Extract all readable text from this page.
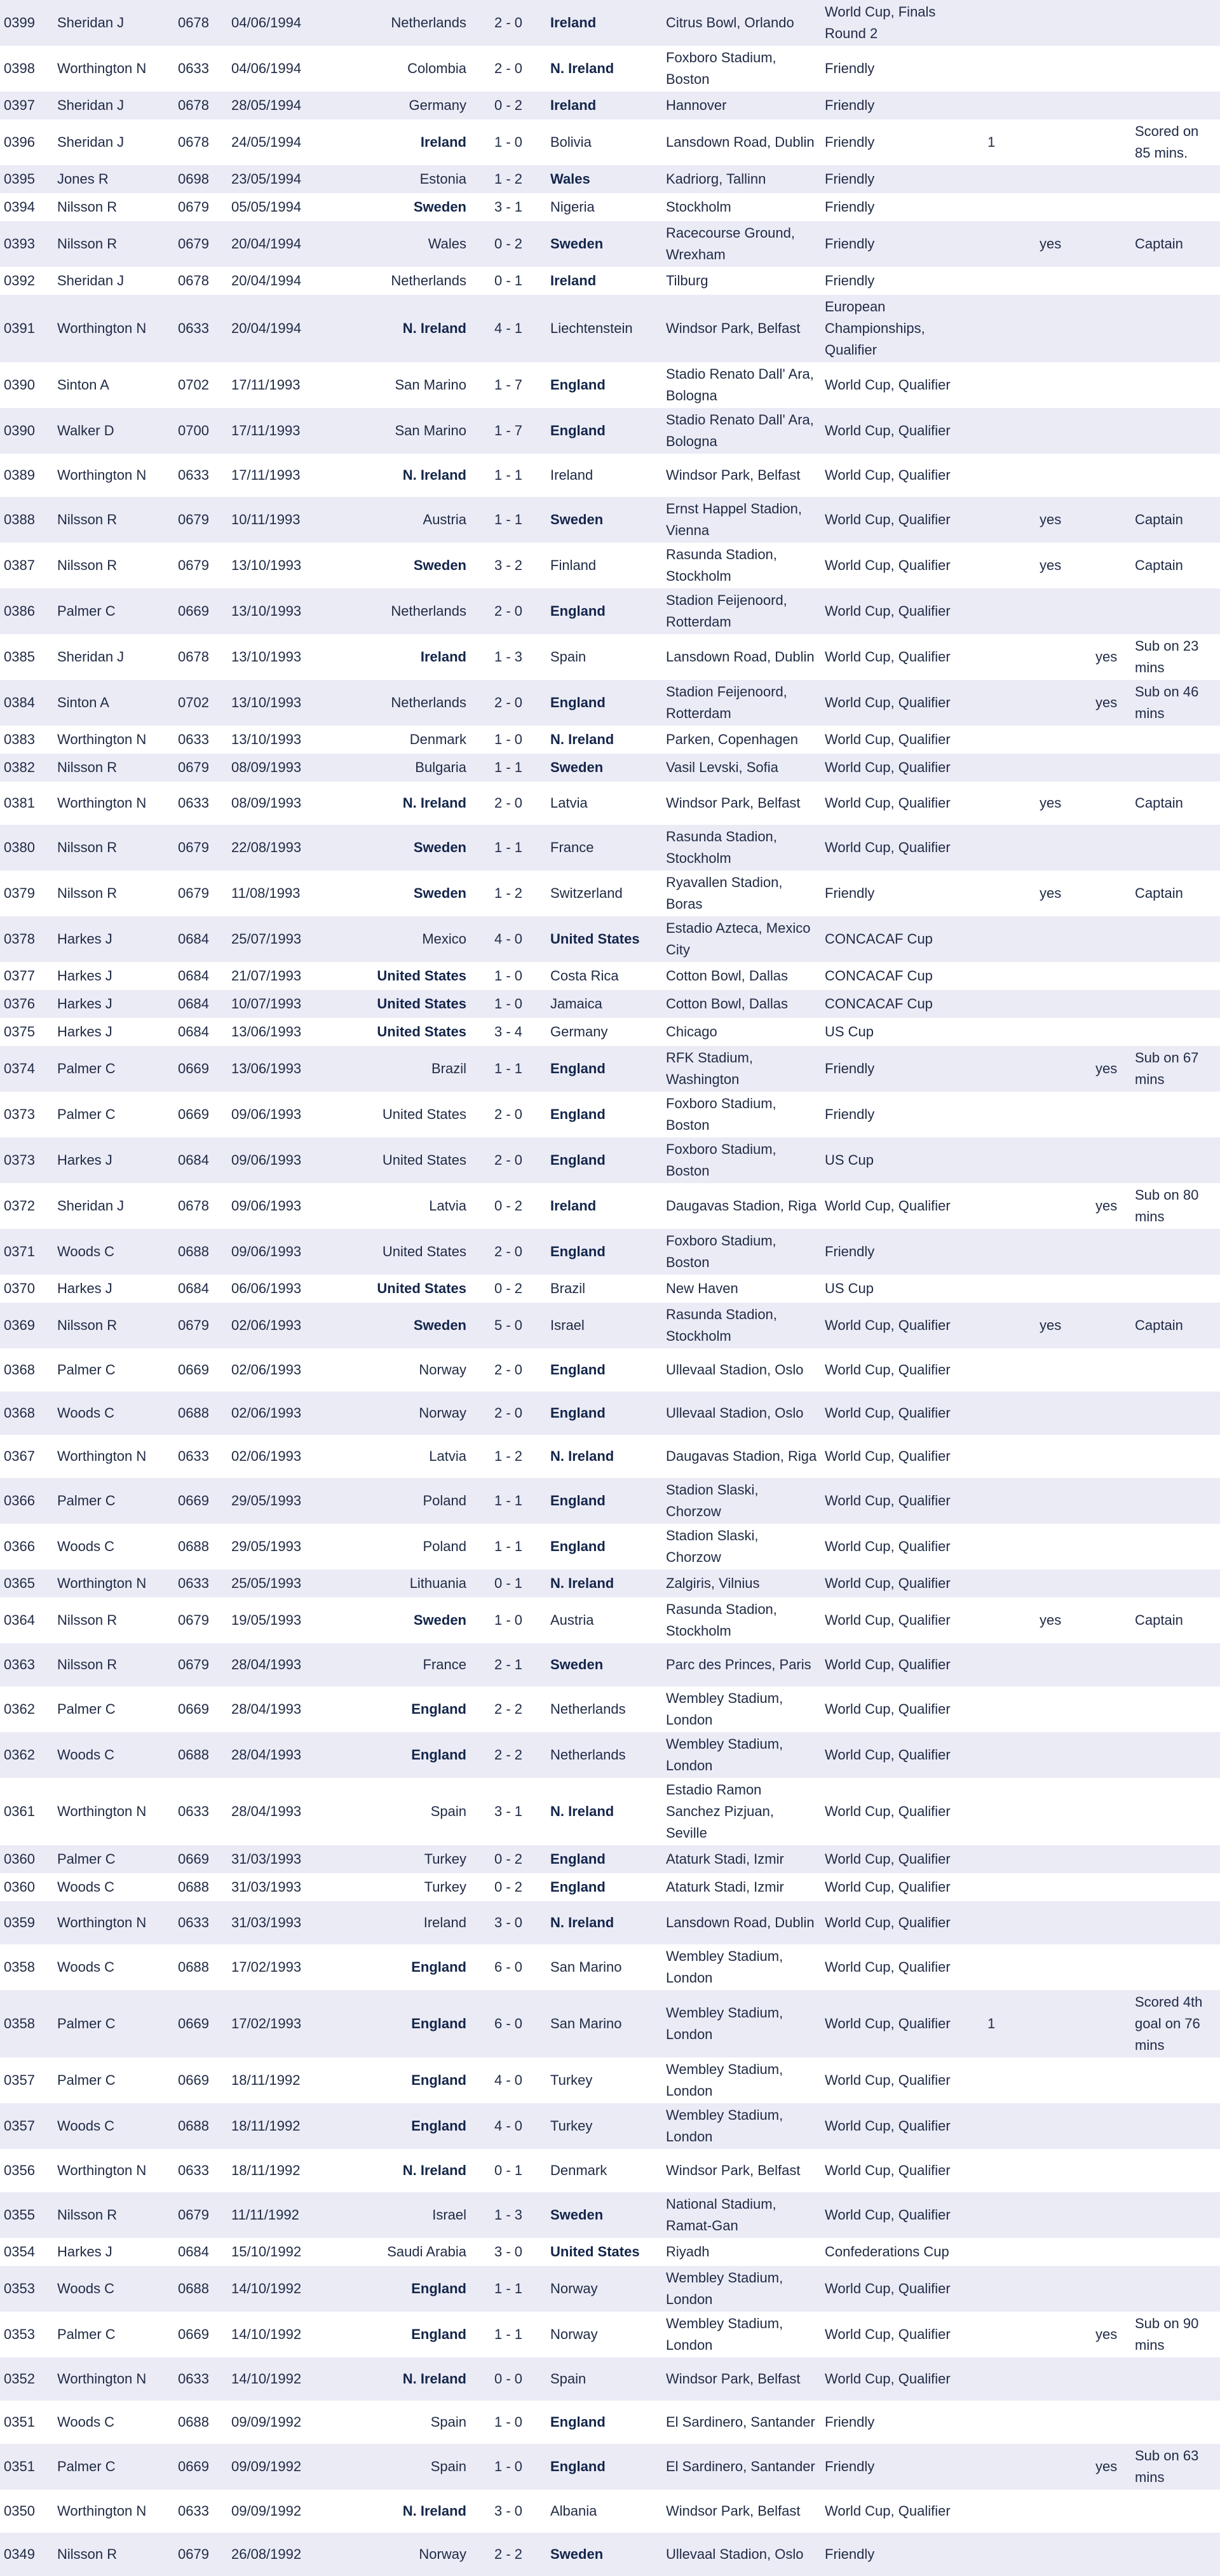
0399	Sheridan J	0678	04/06/1994	Netherlands	2 - 0	Ireland	Citrus Bowl, Orlando	World Cup, Finals Round 2				
0398	Worthington N	0633	04/06/1994	Colombia	2 - 0	N. Ireland	Foxboro Stadium, Boston	Friendly				
0397	Sheridan J	0678	28/05/1994	Germany	0 - 2	Ireland	Hannover	Friendly				
0396	Sheridan J	0678	24/05/1994	Ireland	1 - 0	Bolivia	Lansdown Road, Dublin	Friendly	1			Scored on 85 mins.
0395	Jones R	0698	23/05/1994	Estonia	1 - 2	Wales	Kadriorg, Tallinn	Friendly				
0394	Nilsson R	0679	05/05/1994	Sweden	3 - 1	Nigeria	Stockholm	Friendly				
0393	Nilsson R	0679	20/04/1994	Wales	0 - 2	Sweden	Racecourse Ground, Wrexham	Friendly		yes		Captain
0392	Sheridan J	0678	20/04/1994	Netherlands	0 - 1	Ireland	Tilburg	Friendly				
0391	Worthington N	0633	20/04/1994	N. Ireland	4 - 1	Liechtenstein	Windsor Park, Belfast	European Championships, Qualifier				
0390	Sinton A	0702	17/11/1993	San Marino	1 - 7	England	Stadio Renato Dall' Ara, Bologna	World Cup, Qualifier				
0390	Walker D	0700	17/11/1993	San Marino	1 - 7	England	Stadio Renato Dall' Ara, Bologna	World Cup, Qualifier				
0389	Worthington N	0633	17/11/1993	N. Ireland	1 - 1	Ireland	Windsor Park, Belfast	World Cup, Qualifier				
0388	Nilsson R	0679	10/11/1993	Austria	1 - 1	Sweden	Ernst Happel Stadion, Vienna	World Cup, Qualifier		yes		Captain
0387	Nilsson R	0679	13/10/1993	Sweden	3 - 2	Finland	Rasunda Stadion, Stockholm	World Cup, Qualifier		yes		Captain
0386	Palmer C	0669	13/10/1993	Netherlands	2 - 0	England	Stadion Feijenoord, Rotterdam	World Cup, Qualifier				
0385	Sheridan J	0678	13/10/1993	Ireland	1 - 3	Spain	Lansdown Road, Dublin	World Cup, Qualifier			yes	Sub on 23 mins
0384	Sinton A	0702	13/10/1993	Netherlands	2 - 0	England	Stadion Feijenoord, Rotterdam	World Cup, Qualifier			yes	Sub on 46 mins
0383	Worthington N	0633	13/10/1993	Denmark	1 - 0	N. Ireland	Parken, Copenhagen	World Cup, Qualifier				
0382	Nilsson R	0679	08/09/1993	Bulgaria	1 - 1	Sweden	Vasil Levski, Sofia	World Cup, Qualifier				
0381	Worthington N	0633	08/09/1993	N. Ireland	2 - 0	Latvia	Windsor Park, Belfast	World Cup, Qualifier		yes		Captain
0380	Nilsson R	0679	22/08/1993	Sweden	1 - 1	France	Rasunda Stadion, Stockholm	World Cup, Qualifier				
0379	Nilsson R	0679	11/08/1993	Sweden	1 - 2	Switzerland	Ryavallen Stadion, Boras	Friendly		yes		Captain
0378	Harkes J	0684	25/07/1993	Mexico	4 - 0	United States	Estadio Azteca, Mexico City	CONCACAF Cup				
0377	Harkes J	0684	21/07/1993	United States	1 - 0	Costa Rica	Cotton Bowl, Dallas	CONCACAF Cup				
0376	Harkes J	0684	10/07/1993	United States	1 - 0	Jamaica	Cotton Bowl, Dallas	CONCACAF Cup				
0375	Harkes J	0684	13/06/1993	United States	3 - 4	Germany	Chicago	US Cup				
0374	Palmer C	0669	13/06/1993	Brazil	1 - 1	England	RFK Stadium, Washington	Friendly			yes	Sub on 67 mins
0373	Palmer C	0669	09/06/1993	United States	2 - 0	England	Foxboro Stadium, Boston	Friendly				
0373	Harkes J	0684	09/06/1993	United States	2 - 0	England	Foxboro Stadium, Boston	US Cup				
0372	Sheridan J	0678	09/06/1993	Latvia	0 - 2	Ireland	Daugavas Stadion, Riga	World Cup, Qualifier			yes	Sub on 80 mins
0371	Woods C	0688	09/06/1993	United States	2 - 0	England	Foxboro Stadium, Boston	Friendly				
0370	Harkes J	0684	06/06/1993	United States	0 - 2	Brazil	New Haven	US Cup				
0369	Nilsson R	0679	02/06/1993	Sweden	5 - 0	Israel	Rasunda Stadion, Stockholm	World Cup, Qualifier		yes		Captain
0368	Palmer C	0669	02/06/1993	Norway	2 - 0	England	Ullevaal Stadion, Oslo	World Cup, Qualifier				
0368	Woods C	0688	02/06/1993	Norway	2 - 0	England	Ullevaal Stadion, Oslo	World Cup, Qualifier				
0367	Worthington N	0633	02/06/1993	Latvia	1 - 2	N. Ireland	Daugavas Stadion, Riga	World Cup, Qualifier				
0366	Palmer C	0669	29/05/1993	Poland	1 - 1	England	Stadion Slaski, Chorzow	World Cup, Qualifier				
0366	Woods C	0688	29/05/1993	Poland	1 - 1	England	Stadion Slaski, Chorzow	World Cup, Qualifier				
0365	Worthington N	0633	25/05/1993	Lithuania	0 - 1	N. Ireland	Zalgiris, Vilnius	World Cup, Qualifier				
0364	Nilsson R	0679	19/05/1993	Sweden	1 - 0	Austria	Rasunda Stadion, Stockholm	World Cup, Qualifier		yes		Captain
0363	Nilsson R	0679	28/04/1993	France	2 - 1	Sweden	Parc des Princes, Paris	World Cup, Qualifier				
0362	Palmer C	0669	28/04/1993	England	2 - 2	Netherlands	Wembley Stadium, London	World Cup, Qualifier				
0362	Woods C	0688	28/04/1993	England	2 - 2	Netherlands	Wembley Stadium, London	World Cup, Qualifier				
0361	Worthington N	0633	28/04/1993	Spain	3 - 1	N. Ireland	Estadio Ramon Sanchez Pizjuan, Seville	World Cup, Qualifier				
0360	Palmer C	0669	31/03/1993	Turkey	0 - 2	England	Ataturk Stadi, Izmir	World Cup, Qualifier				
0360	Woods C	0688	31/03/1993	Turkey	0 - 2	England	Ataturk Stadi, Izmir	World Cup, Qualifier				
0359	Worthington N	0633	31/03/1993	Ireland	3 - 0	N. Ireland	Lansdown Road, Dublin	World Cup, Qualifier				
0358	Woods C	0688	17/02/1993	England	6 - 0	San Marino	Wembley Stadium, London	World Cup, Qualifier				
0358	Palmer C	0669	17/02/1993	England	6 - 0	San Marino	Wembley Stadium, London	World Cup, Qualifier	1			Scored 4th goal on 76 mins
0357	Palmer C	0669	18/11/1992	England	4 - 0	Turkey	Wembley Stadium, London	World Cup, Qualifier				
0357	Woods C	0688	18/11/1992	England	4 - 0	Turkey	Wembley Stadium, London	World Cup, Qualifier				
0356	Worthington N	0633	18/11/1992	N. Ireland	0 - 1	Denmark	Windsor Park, Belfast	World Cup, Qualifier				
0355	Nilsson R	0679	11/11/1992	Israel	1 - 3	Sweden	National Stadium, Ramat-Gan	World Cup, Qualifier				
0354	Harkes J	0684	15/10/1992	Saudi Arabia	3 - 0	United States	Riyadh	Confederations Cup				
0353	Woods C	0688	14/10/1992	England	1 - 1	Norway	Wembley Stadium, London	World Cup, Qualifier				
0353	Palmer C	0669	14/10/1992	England	1 - 1	Norway	Wembley Stadium, London	World Cup, Qualifier			yes	Sub on 90 mins
0352	Worthington N	0633	14/10/1992	N. Ireland	0 - 0	Spain	Windsor Park, Belfast	World Cup, Qualifier				
0351	Woods C	0688	09/09/1992	Spain	1 - 0	England	El Sardinero, Santander	Friendly				
0351	Palmer C	0669	09/09/1992	Spain	1 - 0	England	El Sardinero, Santander	Friendly			yes	Sub on 63 mins
0350	Worthington N	0633	09/09/1992	N. Ireland	3 - 0	Albania	Windsor Park, Belfast	World Cup, Qualifier				
0349	Nilsson R	0679	26/08/1992	Norway	2 - 2	Sweden	Ullevaal Stadion, Oslo	Friendly				
